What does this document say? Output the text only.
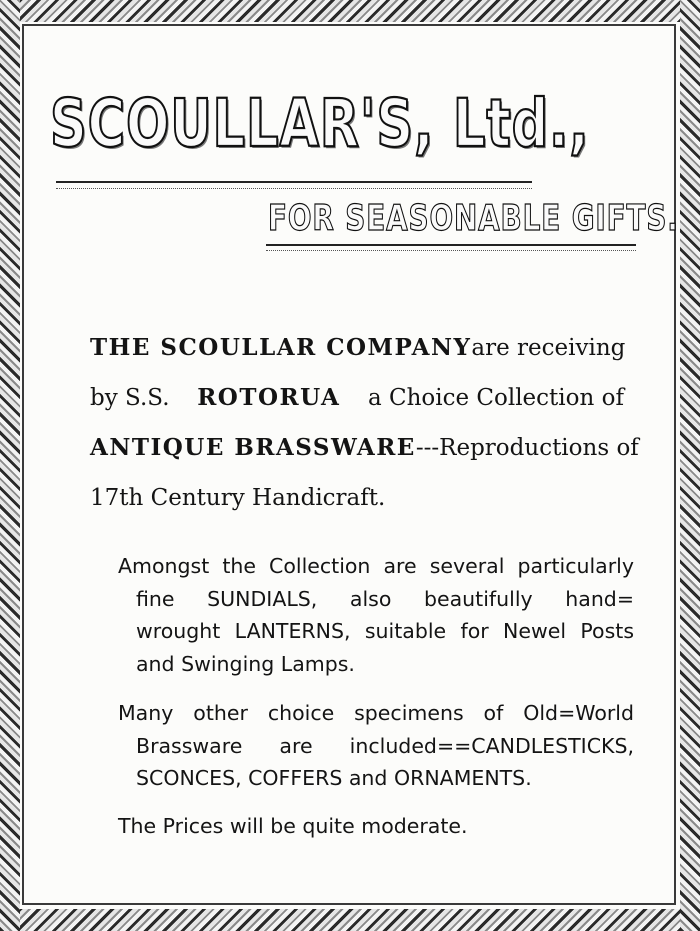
SCOULLAR'S, Ltd.,
FOR SEASONABLE GIFTS.
THE SCOULLAR COMPANY are receiving
by S.S. ROTORUA a Choice Collection of
ANTIQUE BRASSWARE ---Reproductions of
17th Century Handicraft.
Amongst the Collection are several particularly
fine SUNDIALS, also beautifully hand=
wrought LANTERNS, suitable for Newel Posts
and Swinging Lamps.
Many other choice specimens of Old=World
Brassware are included==CANDLESTICKS,
SCONCES, COFFERS and ORNAMENTS.
The Prices will be quite moderate.
